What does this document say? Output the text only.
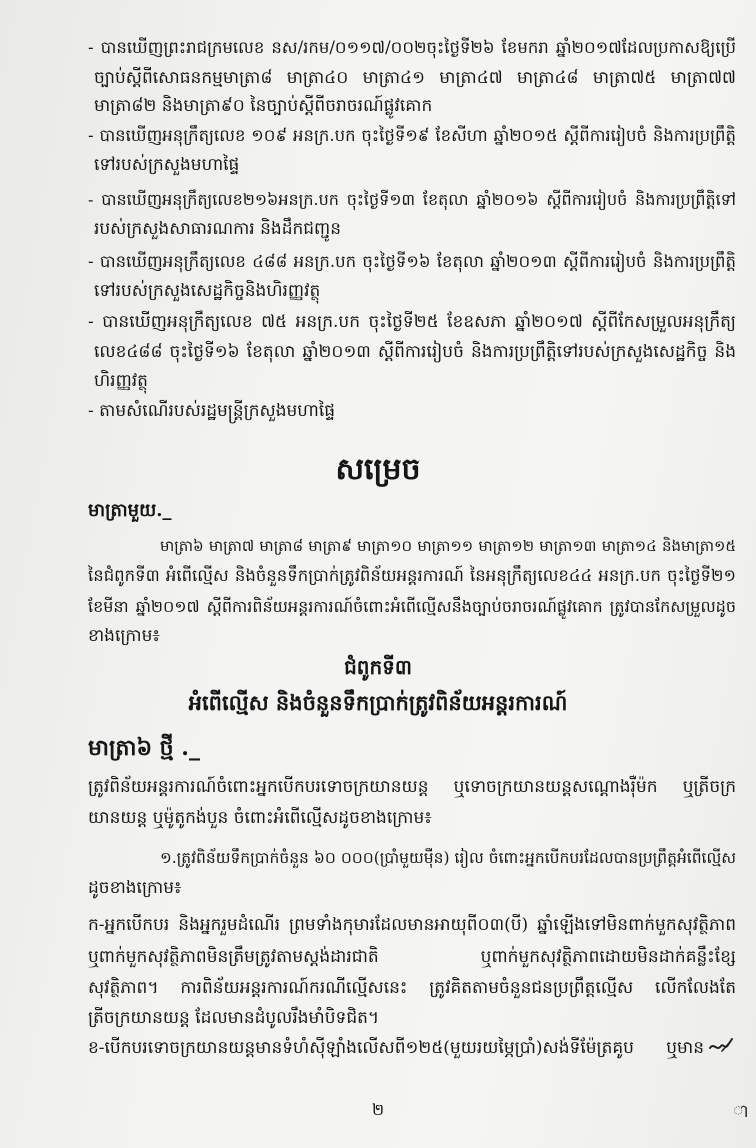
- បានឃើញព្រះរាជក្រមលេខ នស/រកម/០១១៧/០០២ចុះថ្ងៃទី២៦ ខែមករា ឆ្នាំ២០១៧ដែលប្រកាសឱ្យប្រើ
ច្បាប់ស្តីពីសោធនកម្មមាត្រា៨ មាត្រា៤០ មាត្រា៤១ មាត្រា៤៧ មាត្រា៤៨ មាត្រា៧៥ មាត្រា៧៧
មាត្រា៨២ និងមាត្រា៩០ នៃច្បាប់ស្តីពីចរាចរណ៍ផ្លូវគោក
- បានឃើញអនុក្រឹត្យលេខ ១០៩ អនក្រ.បក ចុះថ្ងៃទី១៩ ខែសីហា ឆ្នាំ២០១៥ ស្តីពីការរៀបចំ និងការប្រព្រឹត្តិ
ទៅរបស់ក្រសួងមហាផ្ទៃ
- បានឃើញអនុក្រឹត្យលេខ២១៦អនក្រ.បក ចុះថ្ងៃទី១៣ ខែតុលា ឆ្នាំ២០១៦ ស្តីពីការរៀបចំ និងការប្រព្រឹត្តិទៅ
របស់ក្រសួងសាធារណការ និងដឹកជញ្ជូន
- បានឃើញអនុក្រឹត្យលេខ ៤៨៨ អនក្រ.បក ចុះថ្ងៃទី១៦ ខែតុលា ឆ្នាំ២០១៣ ស្តីពីការរៀបចំ និងការប្រព្រឹត្តិ
ទៅរបស់ក្រសួងសេដ្ឋកិច្ចនិងហិរញ្ញវត្ថុ
- បានឃើញអនុក្រឹត្យលេខ ៧៥ អនក្រ.បក ចុះថ្ងៃទី២៥ ខែឧសភា ឆ្នាំ២០១៧ ស្តីពីកែសម្រួលអនុក្រឹត្យ
លេខ៤៨៨ ចុះថ្ងៃទី១៦ ខែតុលា ឆ្នាំ២០១៣ ស្តីពីការរៀបចំ និងការប្រព្រឹត្តិទៅរបស់ក្រសួងសេដ្ឋកិច្ច និង
ហិរញ្ញវត្ថុ
- តាមសំណើរបស់រដ្ឋមន្ត្រីក្រសួងមហាផ្ទៃ
សម្រេច
មាត្រាមួយ._
មាត្រា៦ មាត្រា៧ មាត្រា៨ មាត្រា៩ មាត្រា១០ មាត្រា១១ មាត្រា១២ មាត្រា១៣ មាត្រា១៤ និងមាត្រា១៥
នៃជំពូកទី៣ អំពើល្មើស និងចំនួនទឹកប្រាក់ត្រូវពិន័យអន្តរការណ៍ នៃអនុក្រឹត្យលេខ៤៤ អនក្រ.បក ចុះថ្ងៃទី២១
ខែមីនា ឆ្នាំ២០១៧ ស្តីពីការពិន័យអន្តរការណ៍ចំពោះអំពើល្មើសនឹងច្បាប់ចរាចរណ៍ផ្លូវគោក ត្រូវបានកែសម្រួលដូច
ខាងក្រោម៖
ជំពូកទី៣
អំពើល្មើស និងចំនួនទឹកប្រាក់ត្រូវពិន័យអន្តរការណ៍
មាត្រា៦ ថ្មី ._
ត្រូវពិន័យអន្តរការណ៍ចំពោះអ្នកបើកបរទោចក្រយានយន្ត ឬទោចក្រយានយន្តសណ្តោងរ៉ឺម៉ក ឬត្រីចក្រ
យានយន្ត ឬម៉ូតូកង់បួន ចំពោះអំពើល្មើសដូចខាងក្រោម៖
១.ត្រូវពិន័យទឹកប្រាក់ចំនួន ៦០ ០០០(ប្រាំមួយម៉ឺន) រៀល ចំពោះអ្នកបើកបរដែលបានប្រព្រឹត្តអំពើល្មើស
ដូចខាងក្រោម៖
ក-អ្នកបើកបរ និងអ្នករួមដំណើរ ព្រមទាំងកុមារដែលមានអាយុពី០៣(បី) ឆ្នាំឡើងទៅមិនពាក់មួកសុវត្ថិភាព
ឬពាក់មួកសុវត្ថិភាពមិនត្រឹមត្រូវតាមស្តង់ដារជាតិ ឬពាក់មួកសុវត្ថិភាពដោយមិនដាក់គន្លឹះខ្សែ
សុវត្ថិភាព។ ការពិន័យអន្តរការណ៍ករណីល្មើសនេះ ត្រូវគិតតាមចំនួនជនប្រព្រឹត្តល្មើស លើកលែងតែ
ត្រីចក្រយានយន្ត ដែលមានដំបូលរឹងមាំបិទជិត។
ខ-បើកបរទោចក្រយានយន្តមានទំហំស៊ីឡាំងលើសពី១២៥(មួយរយម្ភៃប្រាំ)សង់ទីម៉ែត្រគូប ឬមាន
២	ា
